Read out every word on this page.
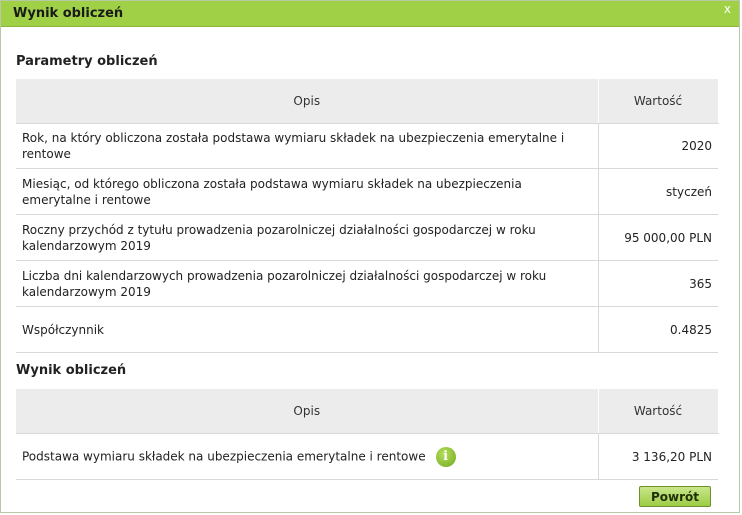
Wynik obliczeń	x
Parametry obliczeń
Opis	Wartość
Rok, na który obliczona została podstawa wymiaru składek na ubezpieczenia emerytalne i rentowe	2020
Miesiąc, od którego obliczona została podstawa wymiaru składek na ubezpieczenia emerytalne i rentowe	styczeń
Roczny przychód z tytułu prowadzenia pozarolniczej działalności gospodarczej w roku kalendarzowym 2019	95 000,00 PLN
Liczba dni kalendarzowych prowadzenia pozarolniczej działalności gospodarczej w roku kalendarzowym 2019	365
Współczynnik	0.4825
Wynik obliczeń
Opis	Wartość
Podstawa wymiaru składek na ubezpieczenia emerytalne i rentowe i	3 136,20 PLN
Powrót
